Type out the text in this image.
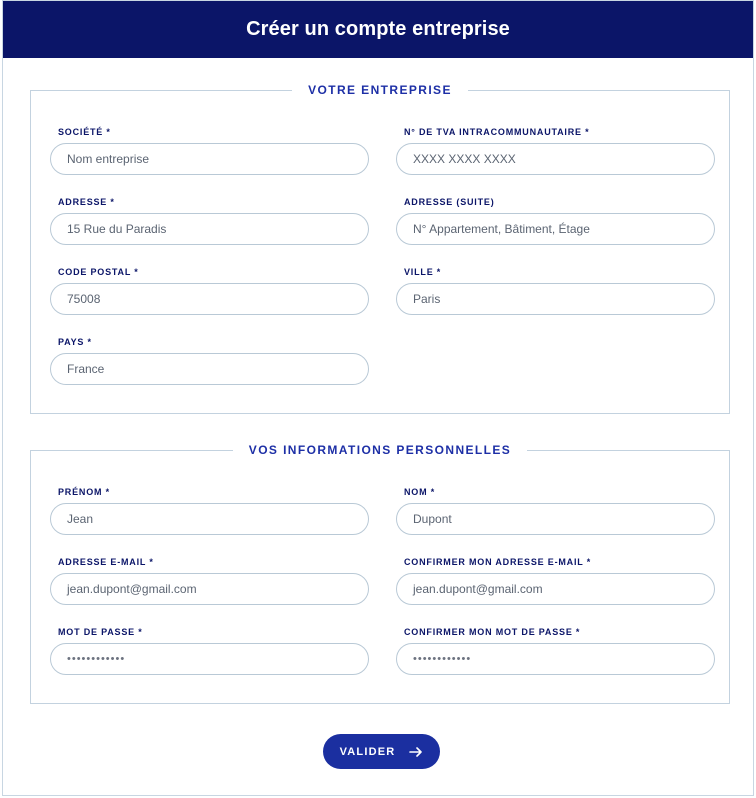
Créer un compte entreprise
VOTRE ENTREPRISE
SOCIÉTÉ *
Nom entreprise
N° DE TVA INTRACOMMUNAUTAIRE *
XXXX XXXX XXXX
ADRESSE *
15 Rue du Paradis
ADRESSE (SUITE)
N° Appartement, Bâtiment, Étage
CODE POSTAL *
75008
VILLE *
Paris
PAYS *
France
VOS INFORMATIONS PERSONNELLES
PRÉNOM *
Jean
NOM *
Dupont
ADRESSE E-MAIL *
jean.dupont@gmail.com
CONFIRMER MON ADRESSE E-MAIL *
jean.dupont@gmail.com
MOT DE PASSE *
••••••••••••
CONFIRMER MON MOT DE PASSE *
••••••••••••
VALIDER
